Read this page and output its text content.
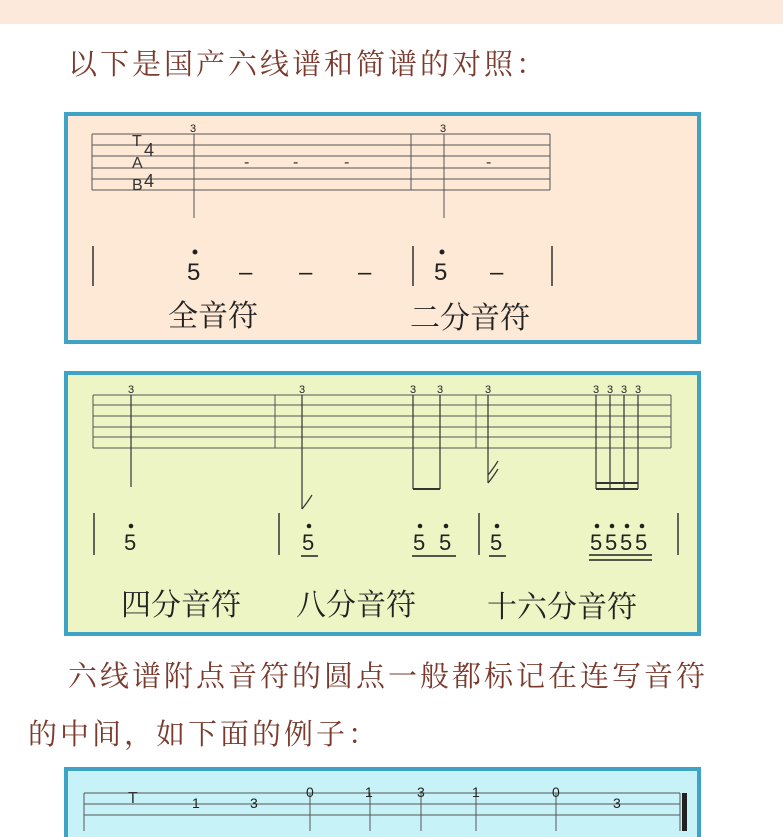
以下是国产六线谱和简谱的对照：
T
A
B
4
4
3	3
-	-	-	-
5 – – –	5 –
全音符	二分音符
3	3	3 3	3	3 3 3 3
5	5	5 5 5	5 5 5 5
四分音符 八分音符 十六分音符
六线谱附点音符的圆点一般都标记在连写音符
的中间，如下面的例子：
T	1	3
0	1	3	1	0
3
